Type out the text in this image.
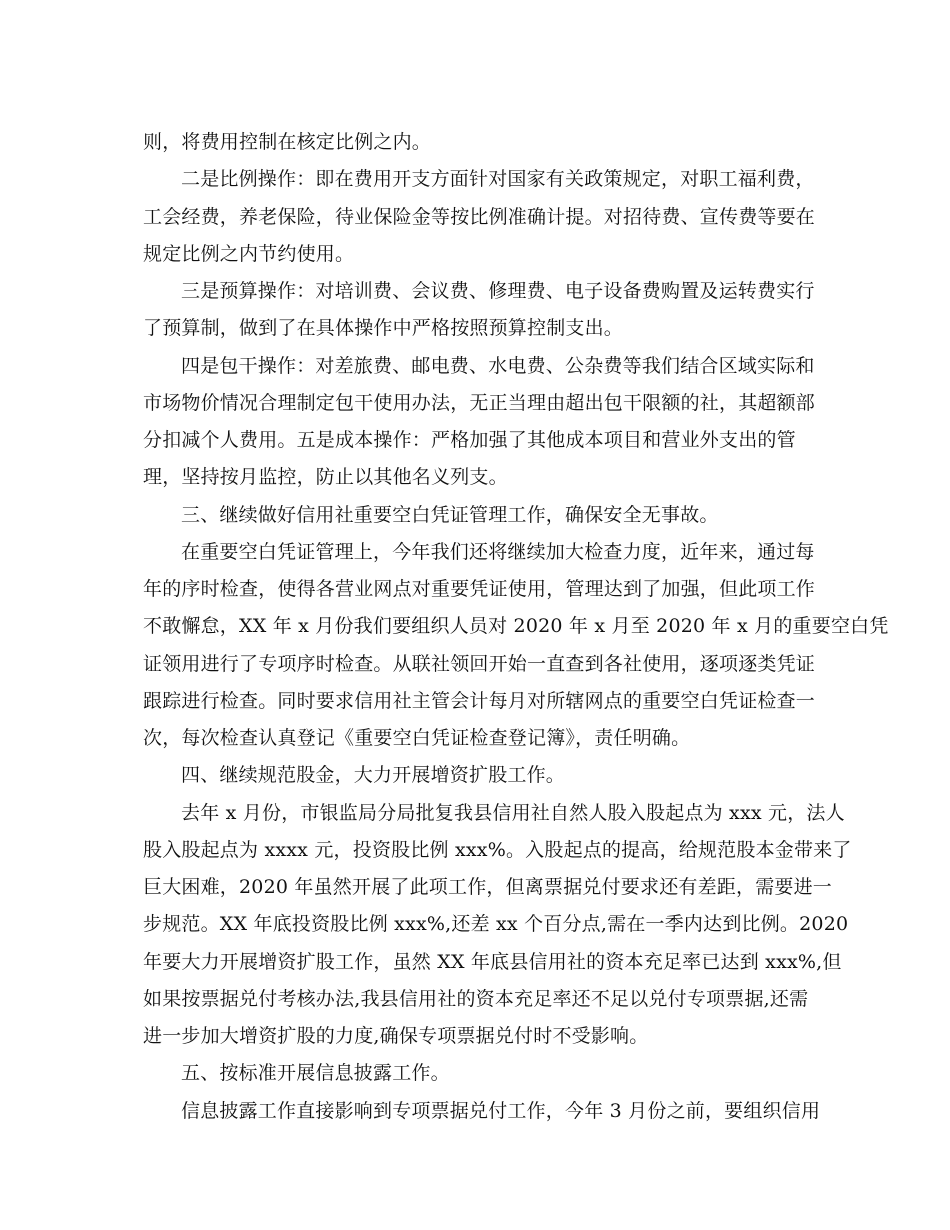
则，将费用控制在核定比例之内。
二是比例操作：即在费用开支方面针对国家有关政策规定，对职工福利费，
工会经费，养老保险，待业保险金等按比例准确计提。对招待费、宣传费等要在
规定比例之内节约使用。
三是预算操作：对培训费、会议费、修理费、电子设备费购置及运转费实行
了预算制，做到了在具体操作中严格按照预算控制支出。
四是包干操作：对差旅费、邮电费、水电费、公杂费等我们结合区域实际和
市场物价情况合理制定包干使用办法，无正当理由超出包干限额的社，其超额部
分扣减个人费用。五是成本操作：严格加强了其他成本项目和营业外支出的管
理，坚持按月监控，防止以其他名义列支。
三、继续做好信用社重要空白凭证管理工作，确保安全无事故。
在重要空白凭证管理上，今年我们还将继续加大检查力度，近年来，通过每
年的序时检查，使得各营业网点对重要凭证使用，管理达到了加强，但此项工作
不敢懈怠，XX 年 x 月份我们要组织人员对 2020 年 x 月至 2020 年 x 月的重要空白凭
证领用进行了专项序时检查。从联社领回开始一直查到各社使用，逐项逐类凭证
跟踪进行检查。同时要求信用社主管会计每月对所辖网点的重要空白凭证检查一
次，每次检查认真登记《重要空白凭证检查登记簿》，责任明确。
四、继续规范股金，大力开展增资扩股工作。
去年 x 月份，市银监局分局批复我县信用社自然人股入股起点为 xxx 元，法人
股入股起点为 xxxx 元，投资股比例 xxx%。入股起点的提高，给规范股本金带来了
巨大困难，2020 年虽然开展了此项工作，但离票据兑付要求还有差距，需要进一
步规范。XX 年底投资股比例 xxx%,还差 xx 个百分点,需在一季内达到比例。2020
年要大力开展增资扩股工作，虽然 XX 年底县信用社的资本充足率已达到 xxx%,但
如果按票据兑付考核办法,我县信用社的资本充足率还不足以兑付专项票据,还需
进一步加大增资扩股的力度,确保专项票据兑付时不受影响。
五、按标准开展信息披露工作。
信息披露工作直接影响到专项票据兑付工作，今年 3 月份之前，要组织信用
